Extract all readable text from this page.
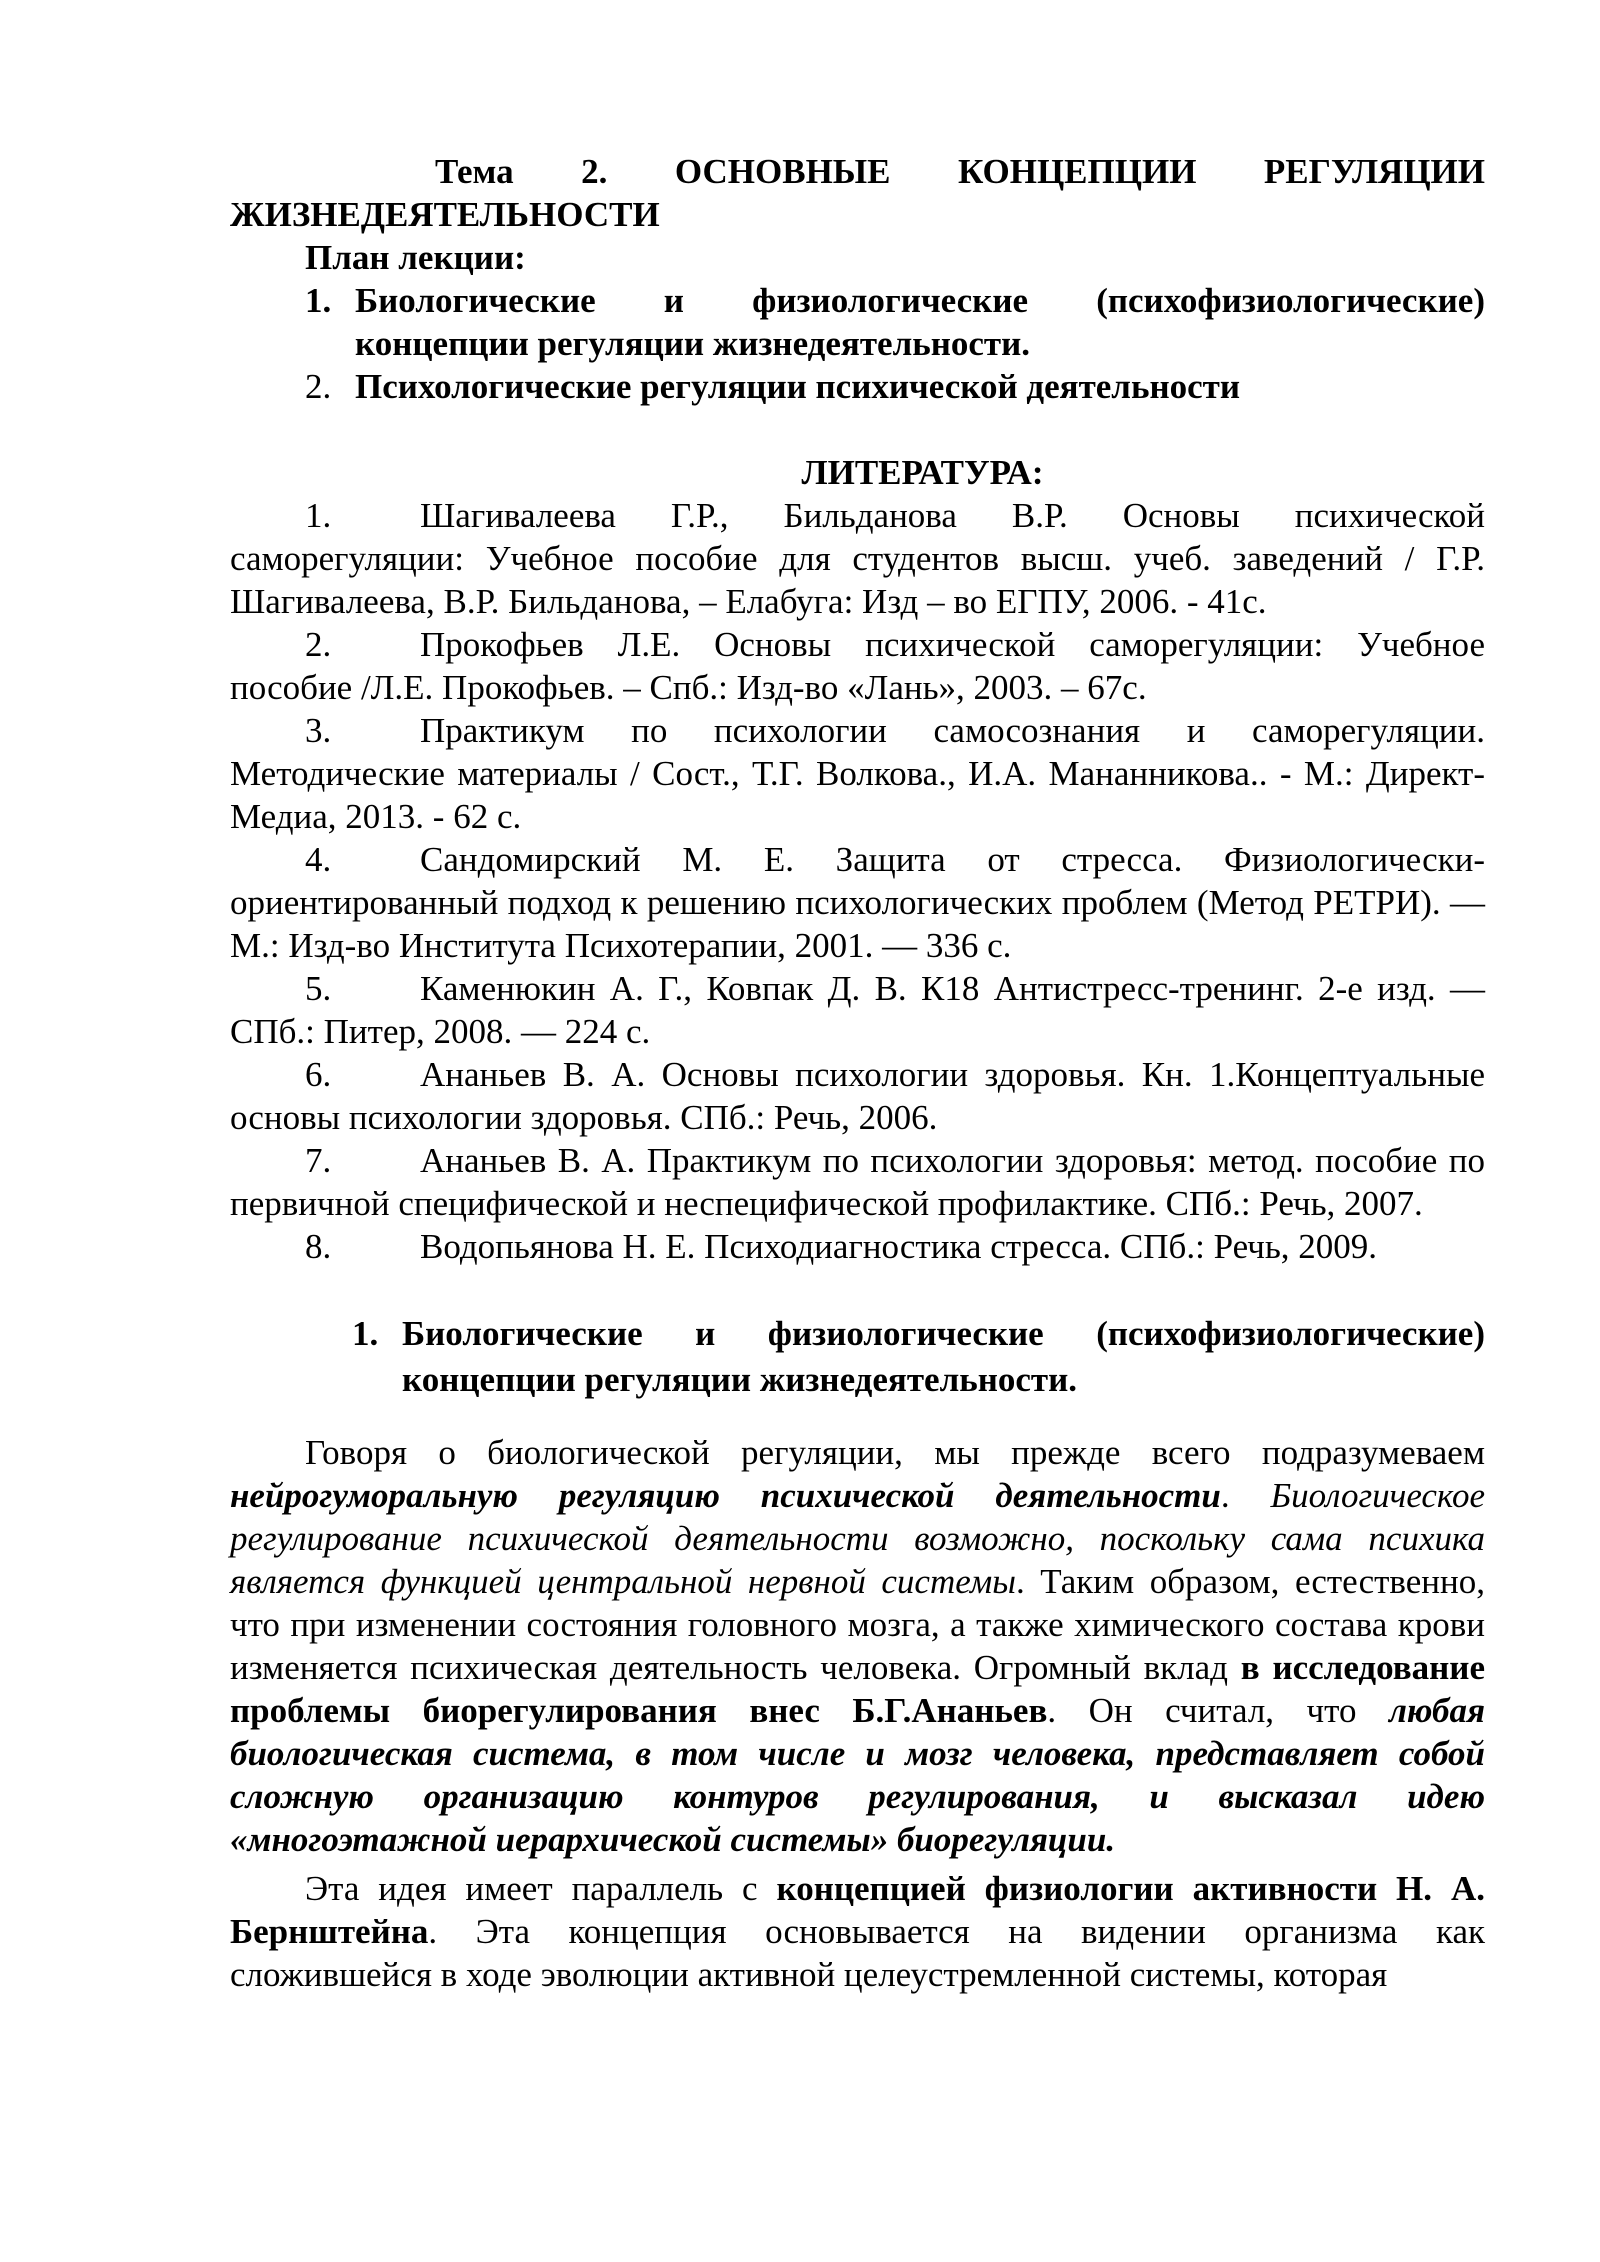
Тема 2. ОСНОВНЫЕ КОНЦЕПЦИИ РЕГУЛЯЦИИ ЖИЗНЕДЕЯТЕЛЬНОСТИ

План лекции:

1. Биологические и физиологические (психофизиологические) концепции регуляции жизнедеятельности.
2. Психологические регуляции психической деятельности

ЛИТЕРАТУРА:

1.	Шагивалеева Г.Р., Бильданова В.Р. Основы психической саморегуляции: Учебное пособие для студентов высш. учеб. заведений / Г.Р. Шагивалеева, В.Р. Бильданова, – Елабуга: Изд – во ЕГПУ, 2006. - 41с.

2.	Прокофьев Л.Е. Основы психической саморегуляции: Учебное пособие /Л.Е. Прокофьев. – Спб.: Изд-во «Лань», 2003. – 67с.

3.	Практикум по психологии самосознания и саморегуляции. Методические материалы / Сост., Т.Г. Волкова., И.А. Мананникова.. - М.: Директ-Медиа, 2013. - 62 с.

4.	Сандомирский М. Е. Защита от стресса. Физиологически-ориентированный подход к решению психологических проблем (Метод РЕТРИ). — М.: Изд-во Института Психотерапии, 2001. — 336 с.

5.	Каменюкин А. Г., Ковпак Д. В. К18 Антистресс-тренинг. 2-е изд. — СПб.: Питер, 2008. — 224 с.

6.	Ананьев В. А. Основы психологии здоровья. Кн. 1.Концептуальные основы психологии здоровья. СПб.: Речь, 2006.

7.	Ананьев В. А. Практикум по психологии здоровья: метод. пособие по первичной специфической и неспецифической профилактике. СПб.: Речь, 2007.

8.	Водопьянова Н. Е. Психодиагностика стресса. СПб.: Речь, 2009.

1. Биологические и физиологические (психофизиологические) концепции регуляции жизнедеятельности.

Говоря о биологической регуляции, мы прежде всего подразумеваем нейрогуморальную регуляцию психической деятельности. Биологическое регулирование психической деятельности возможно, поскольку сама психика является функцией центральной нервной системы. Таким образом, естественно, что при изменении состояния головного мозга, а также химического состава крови изменяется психическая деятельность человека. Огромный вклад в исследование проблемы биорегулирования внес Б.Г.Ананьев. Он считал, что любая биологическая система, в том числе и мозг человека, представляет собой сложную организацию контуров регулирования, и высказал идею «многоэтажной иерархической системы» биорегуляции.

Эта идея имеет параллель с концепцией физиологии активности Н. А. Бернштейна. Эта концепция основывается на видении организма как сложившейся в ходе эволюции активной целеустремленной системы, которая
